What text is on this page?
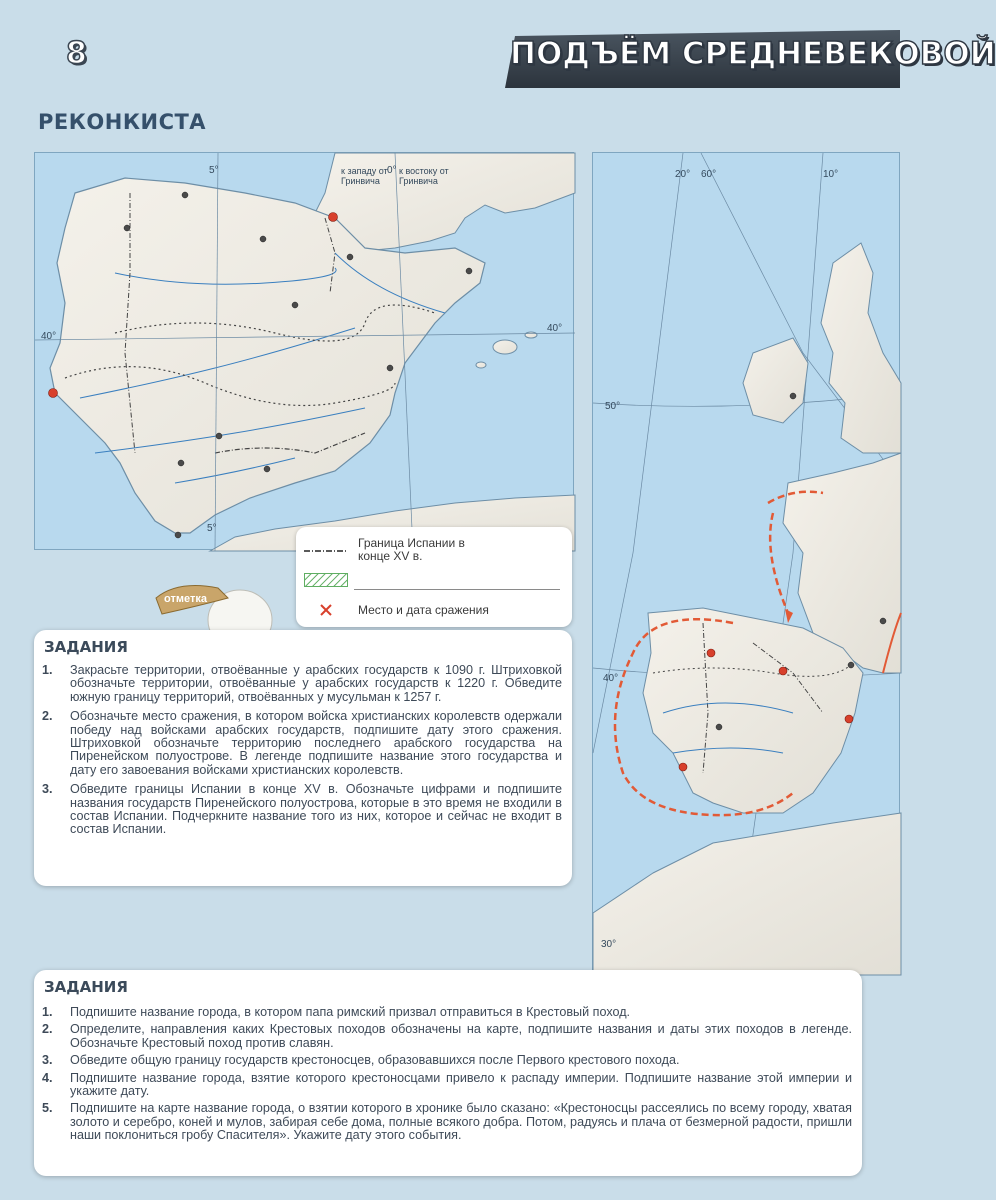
8	ПОДЪЁМ СРЕДНЕВЕКОВОЙ
РЕКОНКИСТА
к западу от Гринвича
к востоку от Гринвича
5°
5°
40°
40°
0°
Граница Испании в конце XV в.
Место и дата сражения
отметка
ЗАДАНИЯ
1.	Закрасьте территории, отвоёванные у арабских государств к 1090 г. Штриховкой обозначьте территории, отвоёванные у арабских государств к 1220 г. Обведите южную границу территорий, отвоёванных у мусульман к 1257 г.
2.	Обозначьте место сражения, в котором войска христианских королевств одержали победу над войсками арабских государств, подпишите дату этого сражения. Штриховкой обозначьте территорию последнего арабского государства на Пиренейском полуострове. В легенде подпишите название этого государства и дату его завоевания войсками христианских королевств.
3.	Обведите границы Испании в конце XV в. Обозначьте цифрами и подпишите названия государств Пиренейского полуострова, которые в это время не входили в состав Испании. Подчеркните название того из них, которое и сейчас не входит в состав Испании.
20° 60°	10°
50°
40°
30°
ЗАДАНИЯ
1.	Подпишите название города, в котором папа римский призвал отправиться в Крестовый поход.
2.	Определите, направления каких Крестовых походов обозначены на карте, подпишите названия и даты этих походов в легенде. Обозначьте Крестовый поход против славян.
3.	Обведите общую границу государств крестоносцев, образовавшихся после Первого крестового похода.
4.	Подпишите название города, взятие которого крестоносцами привело к распаду империи. Подпишите название этой империи и укажите дату.
5.	Подпишите на карте название города, о взятии которого в хронике было сказано: «Крестоносцы рассеялись по всему городу, хватая золото и серебро, коней и мулов, забирая себе дома, полные всякого добра. Потом, радуясь и плача от безмерной радости, пришли наши поклониться гробу Спасителя». Укажите дату этого события.
